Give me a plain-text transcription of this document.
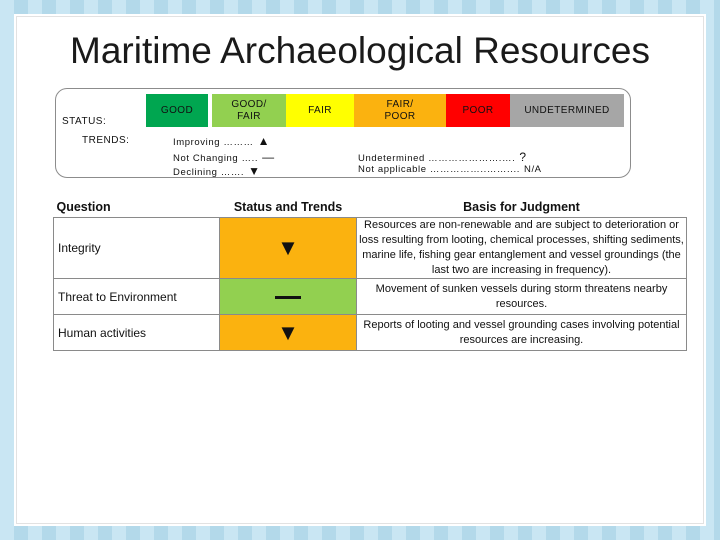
Maritime Archaeological Resources
STATUS:
TRENDS:
GOOD
GOOD/
FAIR
FAIR
FAIR/
POOR
POOR	UNDETERMINED
Improving ……… ▲
Not Changing ….. —
Declining ……. ▼
Undetermined ………………….…. ?
Not applicable ……………..…….... N/A
Question	Status and Trends	Basis for Judgment
Integrity	▼	Resources are non-renewable and are subject to deterioration or loss resulting from looting, chemical processes, shifting sediments, marine life, fishing gear entanglement and vessel groundings (the last two are increasing in frequency).
Threat to Environment		Movement of sunken vessels during storm threatens nearby resources.
Human activities	▼	Reports of looting and vessel grounding cases involving potential resources are increasing.
